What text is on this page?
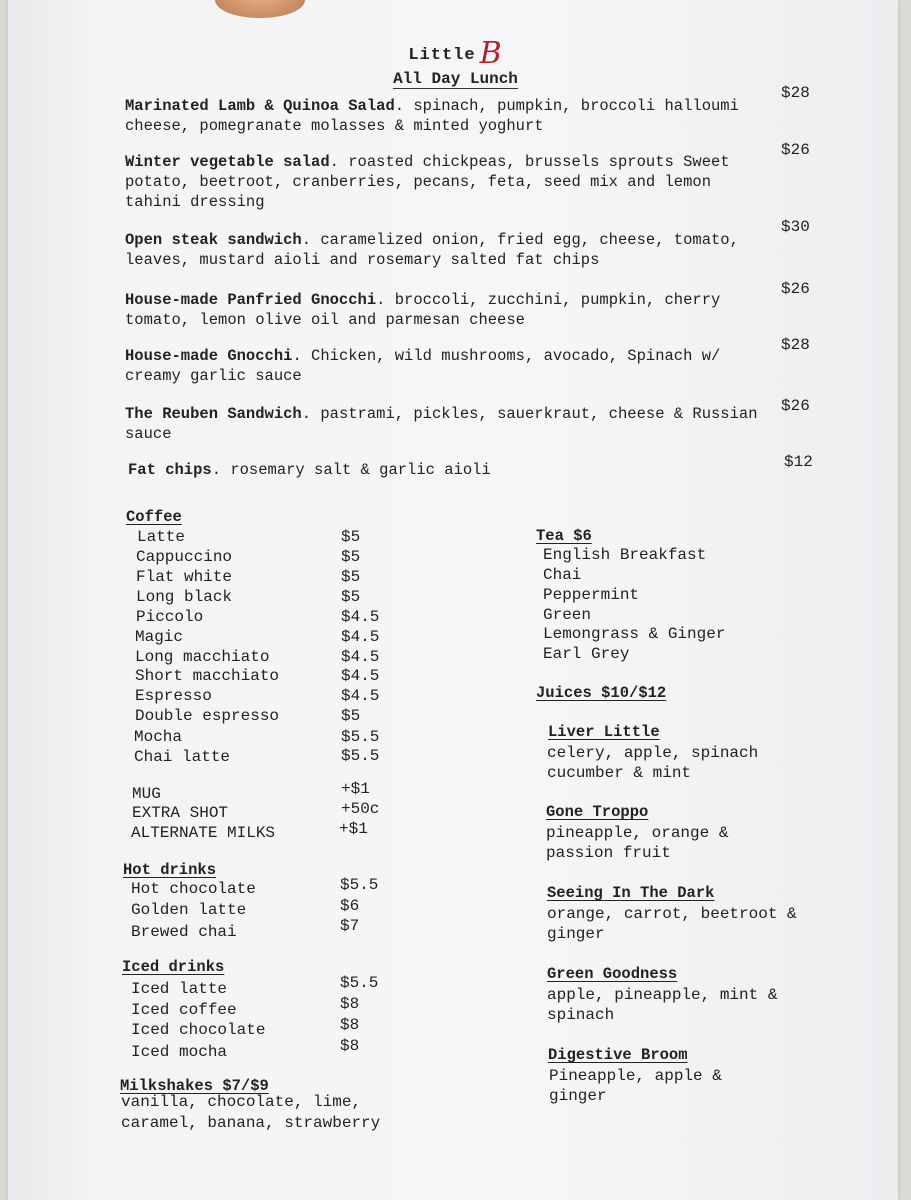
Little B
All Day Lunch
Marinated Lamb & Quinoa Salad. spinach, pumpkin, broccoli halloumi cheese, pomegranate molasses & minted yoghurt
$28
Winter vegetable salad. roasted chickpeas, brussels sprouts Sweet potato, beetroot, cranberries, pecans, feta, seed mix and lemon tahini dressing
$26
Open steak sandwich. caramelized onion, fried egg, cheese, tomato, leaves, mustard aioli and rosemary salted fat chips
$30
House-made Panfried Gnocchi. broccoli, zucchini, pumpkin, cherry tomato, lemon olive oil and parmesan cheese
$26
House-made Gnocchi. Chicken, wild mushrooms, avocado, Spinach w/ creamy garlic sauce
$28
The Reuben Sandwich. pastrami, pickles, sauerkraut, cheese & Russian sauce
$26
Fat chips. rosemary salt & garlic aioli	$12
Coffee
Latte	$5
Cappuccino	$5
Flat white	$5
Long black	$5
Piccolo	$4.5
Magic	$4.5
Long macchiato	$4.5
Short macchiato	$4.5
Espresso	$4.5
Double espresso	$5
Mocha	$5.5
Chai latte	$5.5
MUG	+$1
EXTRA SHOT	+50c
ALTERNATE MILKS	+$1
Hot drinks
Hot chocolate	$5.5
Golden latte	$6
Brewed chai	$7
Iced drinks
Iced latte	$5.5
Iced coffee	$8
Iced chocolate	$8
Iced mocha	$8
Milkshakes $7/$9
vanilla, chocolate, lime, caramel, banana, strawberry
Tea $6
English Breakfast
Chai
Peppermint
Green
Lemongrass & Ginger
Earl Grey
Juices $10/$12
Liver Little
celery, apple, spinach cucumber & mint
Gone Troppo
pineapple, orange & passion fruit
Seeing In The Dark
orange, carrot, beetroot & ginger
Green Goodness
apple, pineapple, mint & spinach
Digestive Broom
Pineapple, apple & ginger
